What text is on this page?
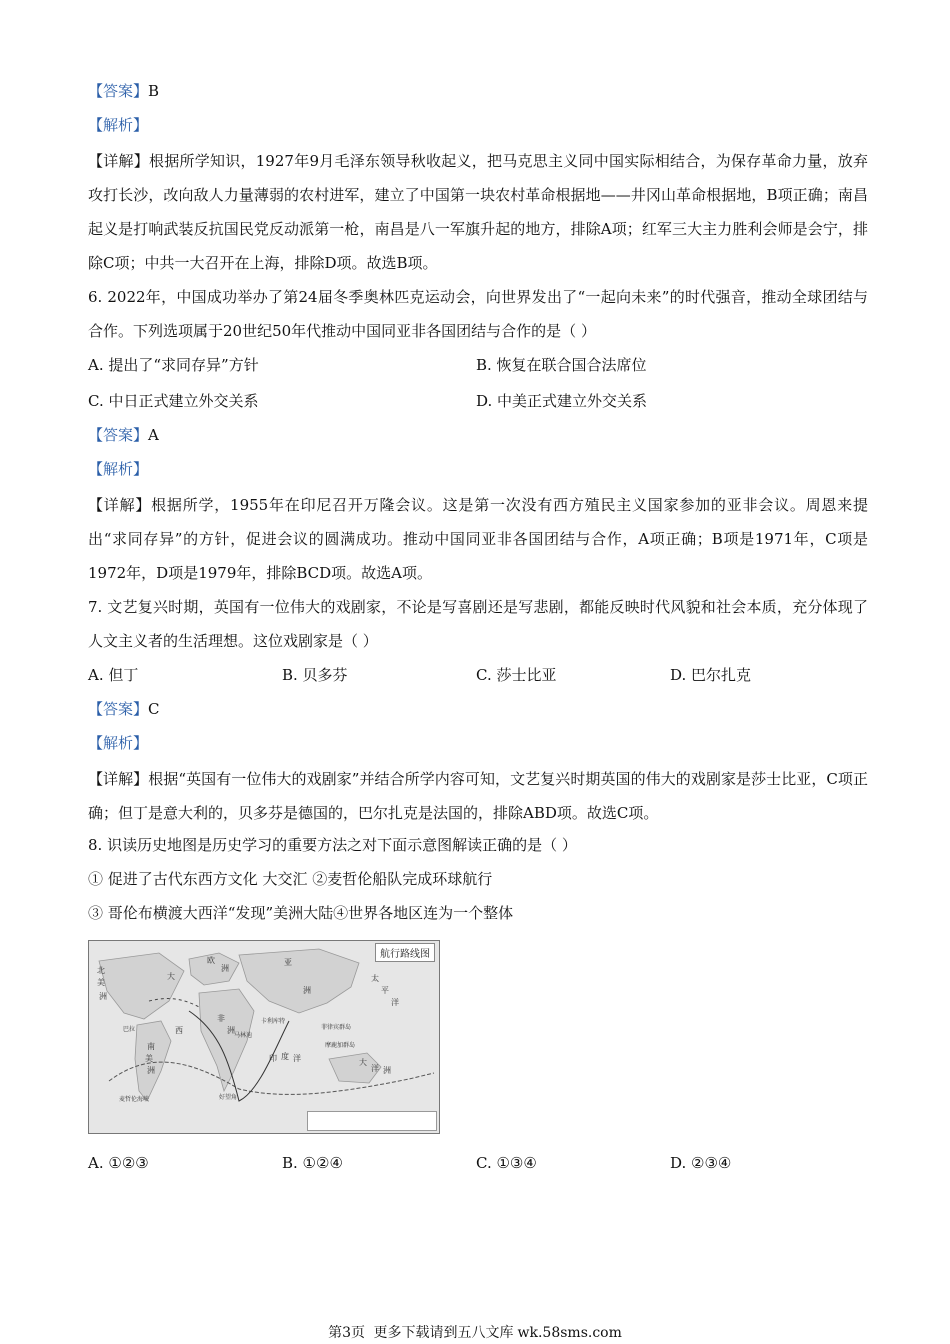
【答案】B
【解析】

【详解】根据所学知识，1927年9月毛泽东领导秋收起义，把马克思主义同中国实际相结合，为保存革命力量，放弃攻打长沙，改向敌人力量薄弱的农村进军，建立了中国第一块农村革命根据地——井冈山革命根据地，B项正确；南昌起义是打响武装反抗国民党反动派第一枪，南昌是八一军旗升起的地方，排除A项；红军三大主力胜利会师是会宁，排除C项；中共一大召开在上海，排除D项。故选B项。

6. 2022年，中国成功举办了第24届冬季奥林匹克运动会，向世界发出了“一起向未来”的时代强音，推动全球团结与合作。下列选项属于20世纪50年代推动中国同亚非各国团结与合作的是（ ）

A. 提出了“求同存异”方针	B. 恢复在联合国合法席位
C. 中日正式建立外交关系	D. 中美正式建立外交关系
【答案】A
【解析】

【详解】根据所学，1955年在印尼召开万隆会议。这是第一次没有西方殖民主义国家参加的亚非会议。周恩来提出“求同存异”的方针，促进会议的圆满成功。推动中国同亚非各国团结与合作，A项正确；B项是1971年，C项是1972年，D项是1979年，排除BCD项。故选A项。

7. 文艺复兴时期，英国有一位伟大的戏剧家，不论是写喜剧还是写悲剧，都能反映时代风貌和社会本质，充分体现了人文主义者的生活理想。这位戏剧家是（ ）

A. 但丁	B. 贝多芬	C. 莎士比亚	D. 巴尔扎克
【答案】C
【解析】

【详解】根据“英国有一位伟大的戏剧家”并结合所学内容可知，文艺复兴时期英国的伟大的戏剧家是莎士比亚，C项正确；但丁是意大利的，贝多芬是德国的，巴尔扎克是法国的，排除ABD项。故选C项。

8. 识读历史地图是历史学习的重要方法之对下面示意图解读正确的是（ ）
① 促进了古代东西方文化 大交汇 ②麦哲伦船队完成环球航行
③ 哥伦布横渡大西洋“发现”美洲大陆④世界各地区连为一个整体
北
美
洲
大
欧
洲
亚
洲
非
洲
太
平
洋
南
美
洲
印 度 洋	大
洋 洲
西
巴拉
好望角
菲律宾群岛
摩鹿加群岛
麦哲伦海峡
马林迪
卡利库特
航行路线图
A. ①②③	B. ①②④	C. ①③④	D. ②③④
第3页 更多下载请到五八文库 wk.58sms.com
